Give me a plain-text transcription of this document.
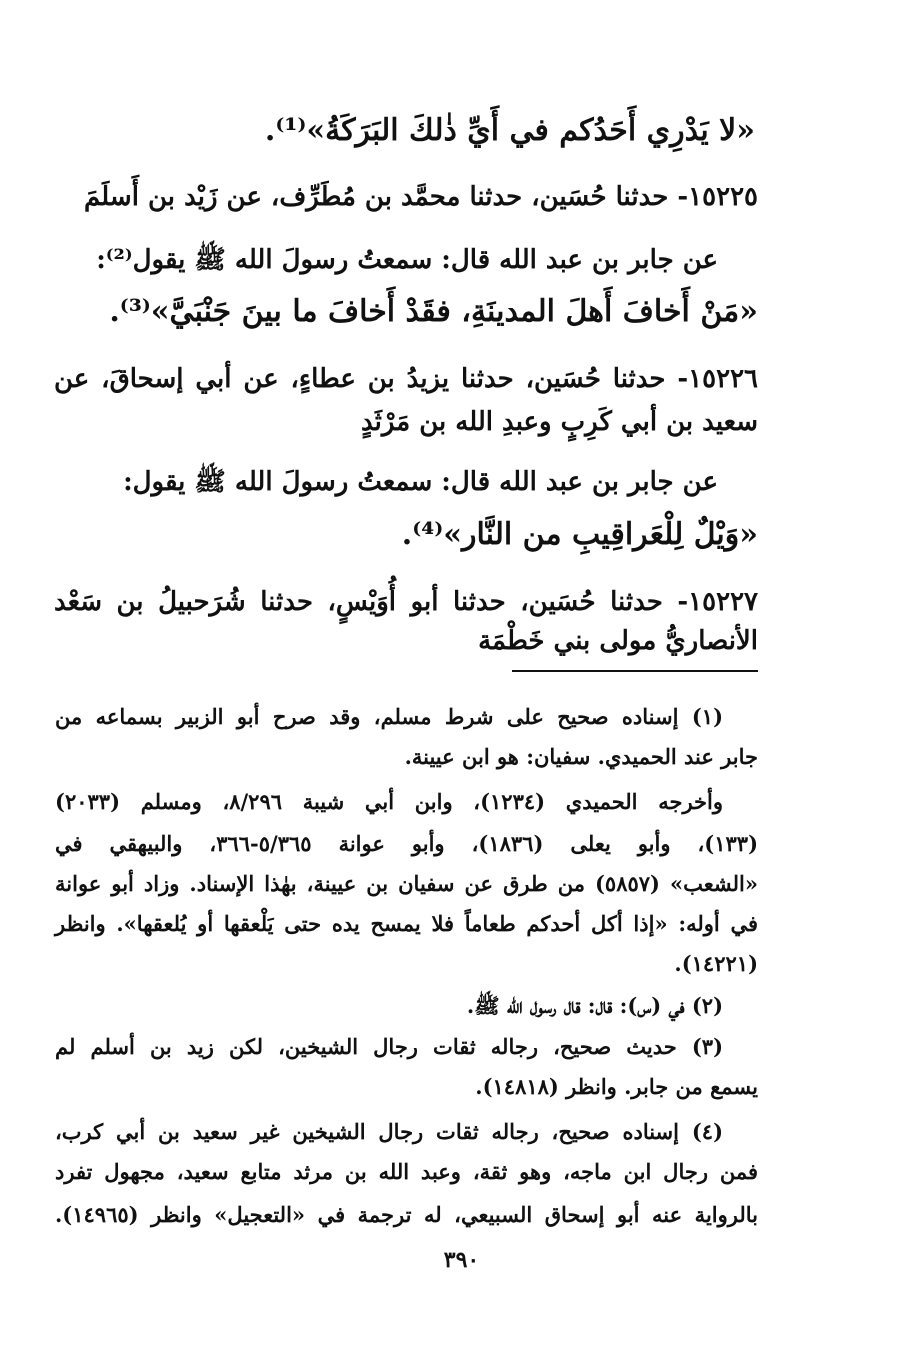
«لا يَدْرِي أَحَدُكم في أَيِّ ذٰلكَ البَرَكَةُ»⁽¹⁾.
١٥٢٢٥- حدثنا حُسَين، حدثنا محمَّد بن مُطَرِّف، عن زَيْد بن أَسلَمَ
عن جابر بن عبد الله قال: سمعتُ رسولَ الله ﷺ يقول⁽²⁾:
«مَنْ أَخافَ أَهلَ المدينَةِ، فقَدْ أَخافَ ما بينَ جَنْبَيَّ»⁽³⁾.
١٥٢٢٦- حدثنا حُسَين، حدثنا يزيدُ بن عطاءٍ، عن أبي إسحاقَ، عن
سعيد بن أبي كَرِبٍ وعبدِ الله بن مَرْثَدٍ
عن جابر بن عبد الله قال: سمعتُ رسولَ الله ﷺ يقول:
«وَيْلٌ لِلْعَراقِيبِ من النَّار»⁽⁴⁾.
١٥٢٢٧- حدثنا حُسَين، حدثنا أبو أُوَيْسٍ، حدثنا شُرَحبيلُ بن سَعْد
الأنصاريُّ مولى بني خَطْمَة
(١) إسناده صحيح على شرط مسلم، وقد صرح أبو الزبير بسماعه من
جابر عند الحميدي. سفيان: هو ابن عيينة.
وأخرجه الحميدي (١٢٣٤)، وابن أبي شيبة ٨/٢٩٦، ومسلم (٢٠٣٣)
(١٣٣)، وأبو يعلى (١٨٣٦)، وأبو عوانة ٥/٣٦٥-٣٦٦، والبيهقي في
«الشعب» (٥٨٥٧) من طرق عن سفيان بن عيينة، بهٰذا الإسناد. وزاد أبو عوانة
في أوله: «إذا أكل أحدكم طعاماً فلا يمسح يده حتى يَلْعقها أو يُلعقها». وانظر
(١٤٢٢١).
(٢) في (س): قال: قال رسول الله ﷺ.
(٣) حديث صحيح، رجاله ثقات رجال الشيخين، لكن زيد بن أسلم لم
يسمع من جابر. وانظر (١٤٨١٨).
(٤) إسناده صحيح، رجاله ثقات رجال الشيخين غير سعيد بن أبي كرب،
فمن رجال ابن ماجه، وهو ثقة، وعبد الله بن مرثد متابع سعيد، مجهول تفرد
بالرواية عنه أبو إسحاق السبيعي، له ترجمة في «التعجيل» وانظر (١٤٩٦٥).
٣٩٠
